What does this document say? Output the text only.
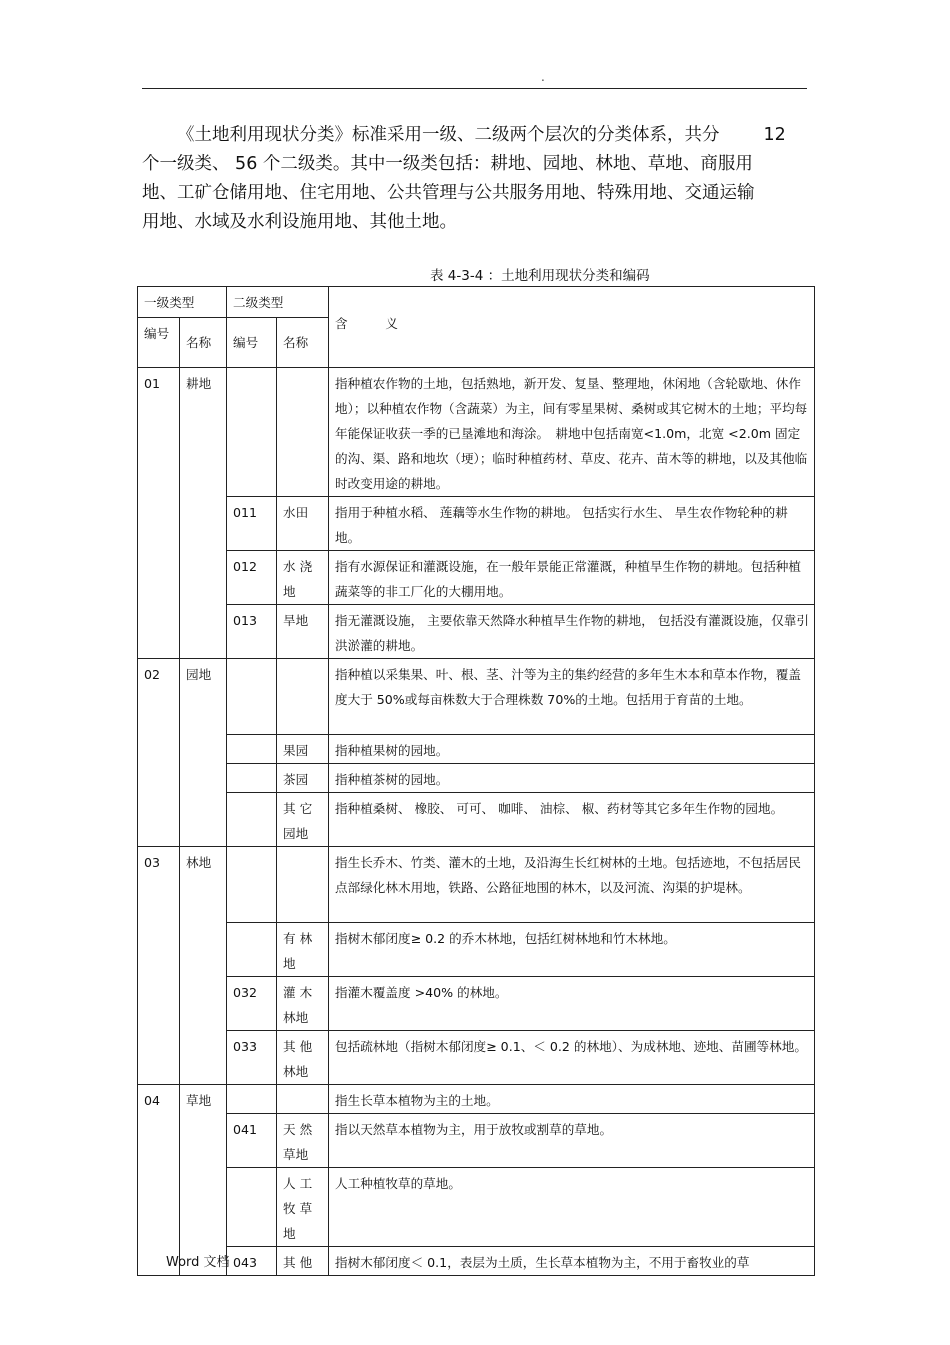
.
《土地利用现状分类》标准采用一级、二级两个层次的分类体系，共分	12
个一级类、 56 个二级类。其中一级类包括：耕地、园地、林地、草地、商服用
地、工矿仓储用地、住宅用地、公共管理与公共服务用地、特殊用地、交通运输
用地、水域及水利设施用地、其他土地。
表 4-3-4 ：土地利用现状分类和编码
一级类型		二级类型		含　　　义
编号	名称	编号	名称	
01	耕地			指种植农作物的土地，包括熟地，新开发、复垦、整理地，休闲地（含轮歇地、休作地）；以种植农作物（含蔬菜）为主，间有零星果树、桑树或其它树木的土地；平均每年能保证收获一季的已垦滩地和海涂。　耕地中包括南宽<1.0m，北宽 <2.0m 固定的沟、渠、路和地坎（埂）；临时种植药材、草皮、花卉、苗木等的耕地，以及其他临时改变用途的耕地。
		011	水田	指用于种植水稻、 莲藕等水生作物的耕地。 包括实行水生、 旱生农作物轮种的耕地。
		012	水 浇 地	指有水源保证和灌溉设施，在一般年景能正常灌溉，种植旱生作物的耕地。包括种植蔬菜等的非工厂化的大棚用地。
		013	旱地	指无灌溉设施， 主要依靠天然降水种植旱生作物的耕地， 包括没有灌溉设施，仅靠引洪淤灌的耕地。
02	园地			指种植以采集果、叶、根、茎、汁等为主的集约经营的多年生木本和草本作物，覆盖度大于 50%或每亩株数大于合理株数 70%的土地。包括用于育苗的土地。
			果园	指种植果树的园地。
			茶园	指种植茶树的园地。
			其 它 园地	指种植桑树、 橡胶、 可可、 咖啡、 油棕、 椒、药材等其它多年生作物的园地。
03	林地			指生长乔木、竹类、灌木的土地，及沿海生长红树林的土地。包括迹地，不包括居民点部绿化林木用地，铁路、公路征地围的林木，以及河流、沟渠的护堤林。
			有 林 地	指树木郁闭度≥ 0.2 的乔木林地，包括红树林地和竹木林地。
		032	灌 木 林地	指灌木覆盖度 >40% 的林地。
		033	其 他 林地	包括疏林地（指树木郁闭度≥ 0.1、＜ 0.2 的林地）、为成林地、迹地、苗圃等林地。
04	草地			指生长草本植物为主的土地。
		041	天 然 草地	指以天然草本植物为主，用于放牧或割草的草地。
			人 工 牧 草 地	人工种植牧草的草地。
		043	其 他	指树木郁闭度＜ 0.1，表层为土质，生长草本植物为主，不用于畜牧业的草
Word 文档
